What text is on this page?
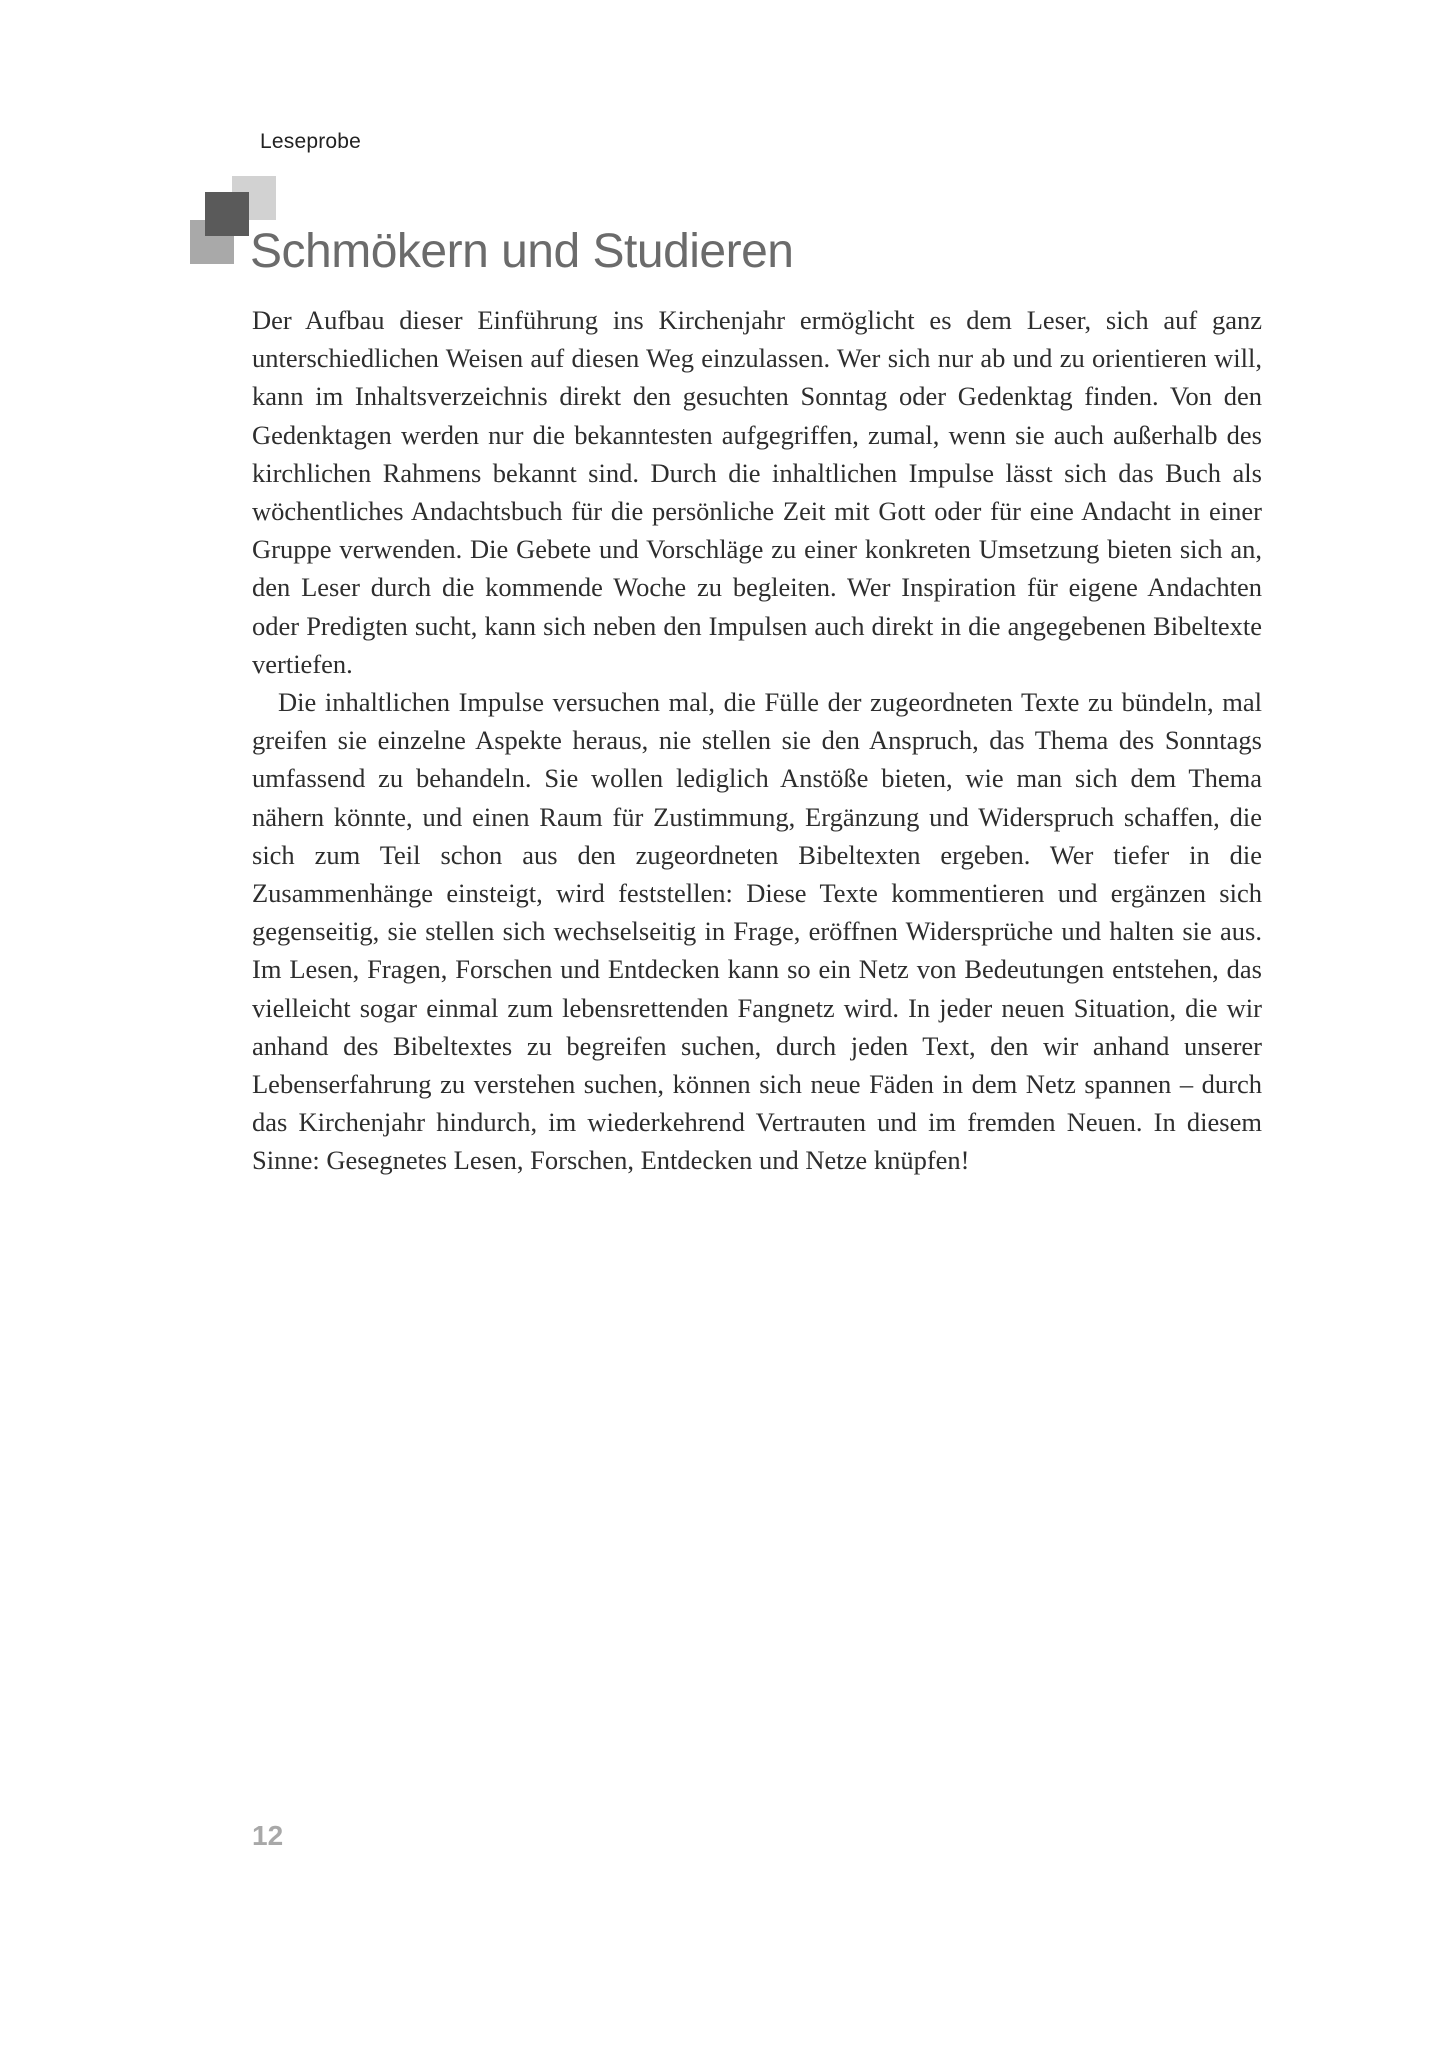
Leseprobe
Schmökern und Studieren

Der Aufbau dieser Einführung ins Kirchenjahr ermöglicht es dem Leser, sich auf ganz unterschiedlichen Weisen auf diesen Weg einzulassen. Wer sich nur ab und zu orientieren will, kann im Inhaltsverzeichnis direkt den gesuchten Sonntag oder Gedenktag finden. Von den Gedenktagen werden nur die bekanntesten aufgegriffen, zumal, wenn sie auch außerhalb des kirchlichen Rahmens bekannt sind. Durch die inhaltlichen Impulse lässt sich das Buch als wöchentliches Andachtsbuch für die persönliche Zeit mit Gott oder für eine Andacht in einer Gruppe verwenden. Die Gebete und Vorschläge zu einer konkreten Umsetzung bieten sich an, den Leser durch die kommende Woche zu begleiten. Wer Inspiration für eigene Andachten oder Predigten sucht, kann sich neben den Impulsen auch direkt in die angegebenen Bibeltexte vertiefen.

Die inhaltlichen Impulse versuchen mal, die Fülle der zugeordneten Texte zu bündeln, mal greifen sie einzelne Aspekte heraus, nie stellen sie den Anspruch, das Thema des Sonntags umfassend zu behandeln. Sie wollen lediglich Anstöße bieten, wie man sich dem Thema nähern könnte, und einen Raum für Zustimmung, Ergänzung und Widerspruch schaffen, die sich zum Teil schon aus den zugeordneten Bibeltexten ergeben. Wer tiefer in die Zusammenhänge einsteigt, wird feststellen: Diese Texte kommentieren und ergänzen sich gegenseitig, sie stellen sich wechselseitig in Frage, eröffnen Widersprüche und halten sie aus. Im Lesen, Fragen, Forschen und Entdecken kann so ein Netz von Bedeutungen entstehen, das vielleicht sogar einmal zum lebensrettenden Fangnetz wird. In jeder neuen Situation, die wir anhand des Bibeltextes zu begreifen suchen, durch jeden Text, den wir anhand unserer Lebenserfahrung zu verstehen suchen, können sich neue Fäden in dem Netz spannen – durch das Kirchenjahr hindurch, im wiederkehrend Vertrauten und im fremden Neuen. In diesem Sinne: Gesegnetes Lesen, Forschen, Entdecken und Netze knüpfen!

12
